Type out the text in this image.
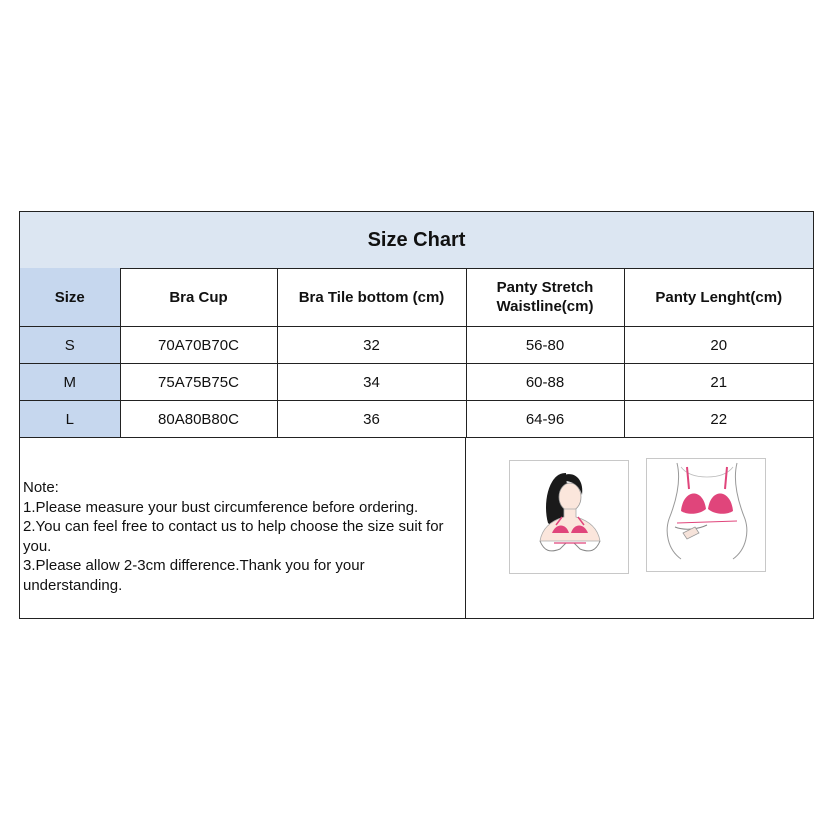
Size Chart
Size	Bra Cup	Bra Tile bottom (cm)	Panty Stretch Waistline(cm)	Panty Lenght(cm)
S	70A70B70C	32	56-80	20
M	75A75B75C	34	60-88	21
L	80A80B80C	36	64-96	22
Note:
1.Please measure your bust circumference before ordering.
2.You can feel free to contact us to help choose the size suit for you.
3.Please allow 2-3cm difference.Thank you for your understanding.
